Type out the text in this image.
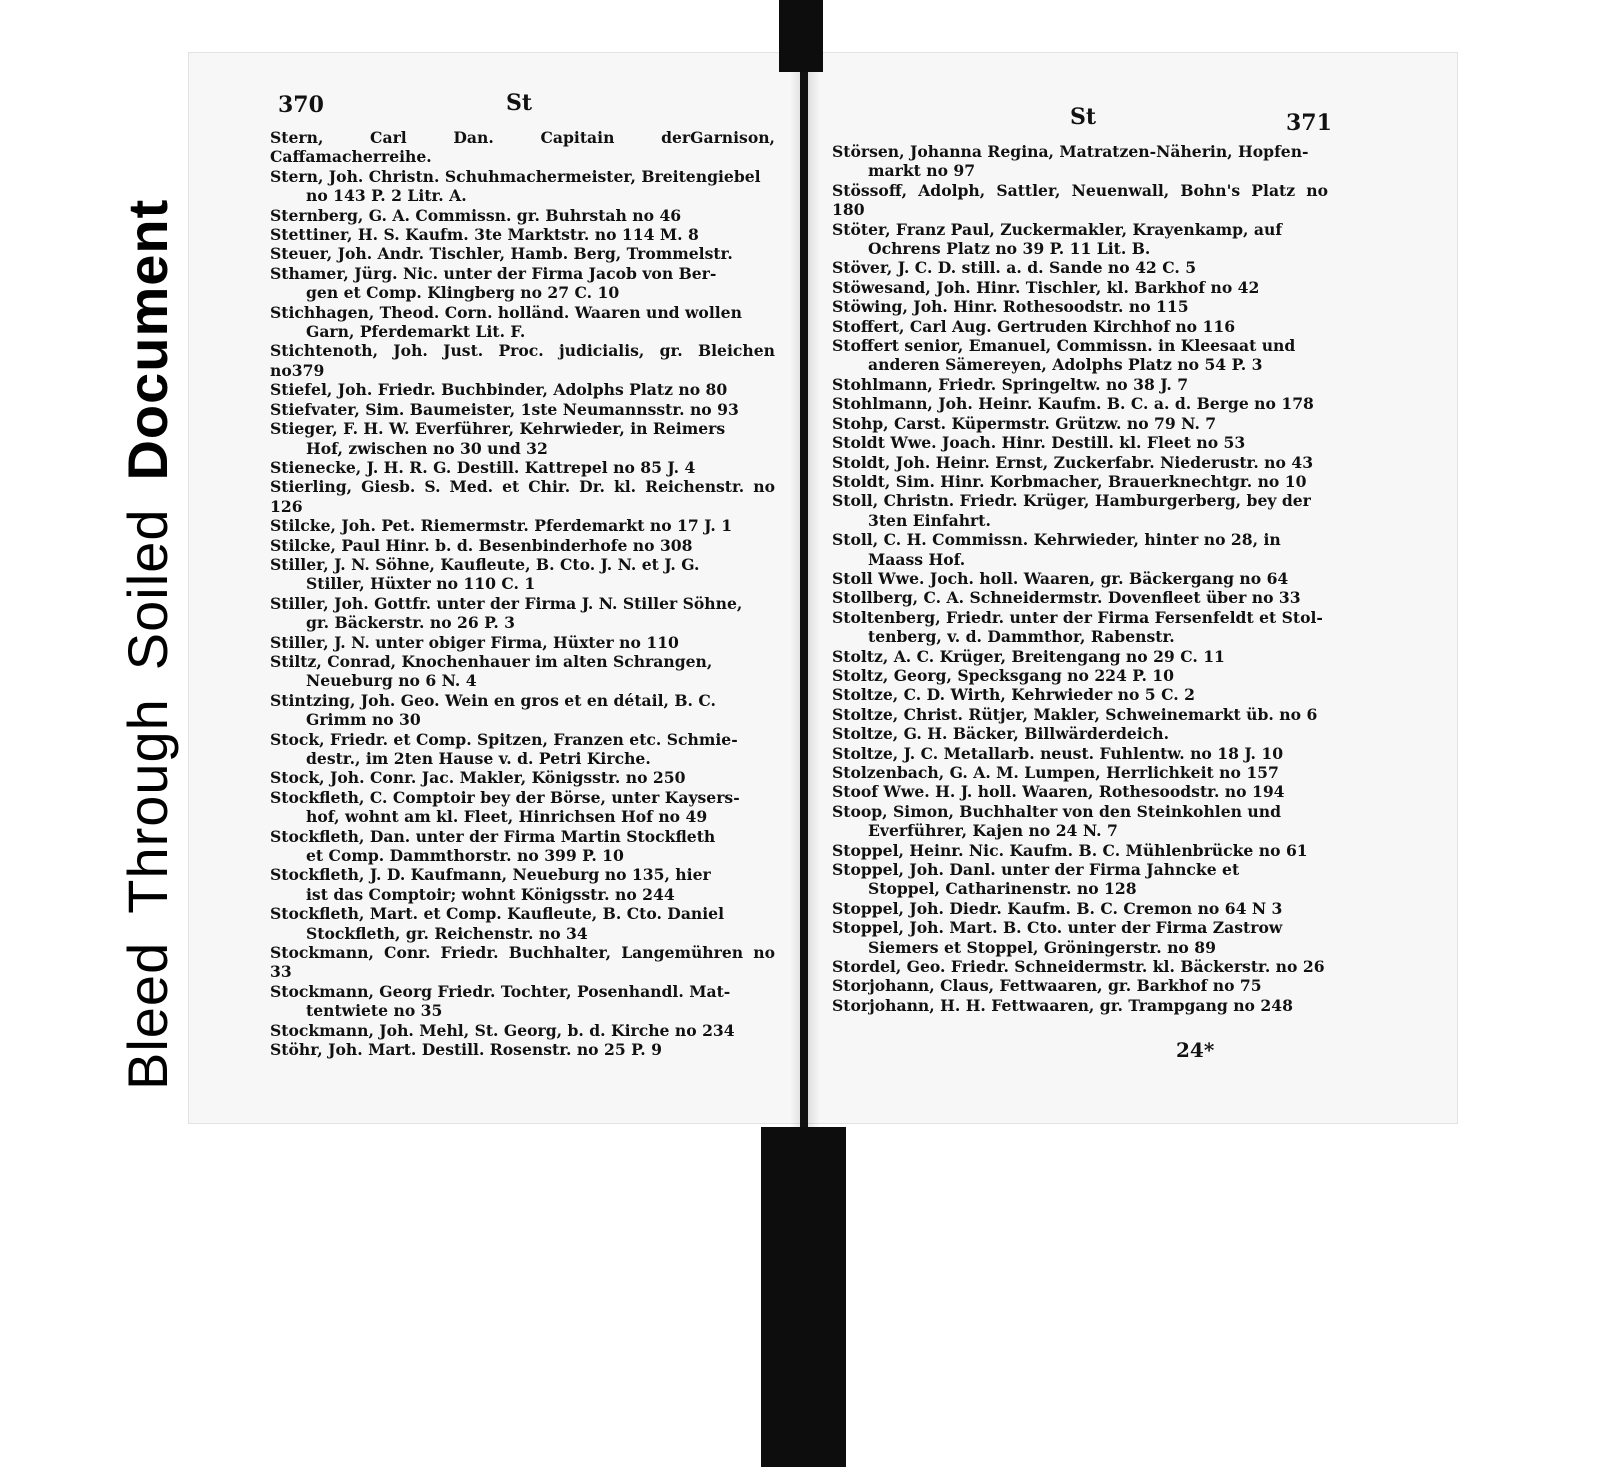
BleedThroughSoiledDocument
370	St
Stern, Carl Dan. Capitain derGarnison, Caffamacherreihe.
Stern, Joh. Christn. Schuhmachermeister, Breitengiebel
no 143 P. 2 Litr. A.
Sternberg, G. A. Commissn. gr. Buhrstah no 46
Stettiner, H. S. Kaufm. 3te Marktstr. no 114 M. 8
Steuer, Joh. Andr. Tischler, Hamb. Berg, Trommelstr.
Sthamer, Jürg. Nic. unter der Firma Jacob von Ber-
gen et Comp. Klingberg no 27 C. 10
Stichhagen, Theod. Corn. holländ. Waaren und wollen
Garn, Pferdemarkt Lit. F.
Stichtenoth, Joh. Just. Proc. judicialis, gr. Bleichen no379
Stiefel, Joh. Friedr. Buchbinder, Adolphs Platz no 80
Stiefvater, Sim. Baumeister, 1ste Neumannsstr. no 93
Stieger, F. H. W. Everführer, Kehrwieder, in Reimers
Hof, zwischen no 30 und 32
Stienecke, J. H. R. G. Destill. Kattrepel no 85 J. 4
Stierling, Giesb. S. Med. et Chir. Dr. kl. Reichenstr. no 126
Stilcke, Joh. Pet. Riemermstr. Pferdemarkt no 17 J. 1
Stilcke, Paul Hinr. b. d. Besenbinderhofe no 308
Stiller, J. N. Söhne, Kaufleute, B. Cto. J. N. et J. G.
Stiller, Hüxter no 110 C. 1
Stiller, Joh. Gottfr. unter der Firma J. N. Stiller Söhne,
gr. Bäckerstr. no 26 P. 3
Stiller, J. N. unter obiger Firma, Hüxter no 110
Stiltz, Conrad, Knochenhauer im alten Schrangen,
Neueburg no 6 N. 4
Stintzing, Joh. Geo. Wein en gros et en détail, B. C.
Grimm no 30
Stock, Friedr. et Comp. Spitzen, Franzen etc. Schmie-
destr., im 2ten Hause v. d. Petri Kirche.
Stock, Joh. Conr. Jac. Makler, Königsstr. no 250
Stockfleth, C. Comptoir bey der Börse, unter Kaysers-
hof, wohnt am kl. Fleet, Hinrichsen Hof no 49
Stockfleth, Dan. unter der Firma Martin Stockfleth
et Comp. Dammthorstr. no 399 P. 10
Stockfleth, J. D. Kaufmann, Neueburg no 135, hier
ist das Comptoir; wohnt Königsstr. no 244
Stockfleth, Mart. et Comp. Kaufleute, B. Cto. Daniel
Stockfleth, gr. Reichenstr. no 34
Stockmann, Conr. Friedr. Buchhalter, Langemühren no 33
Stockmann, Georg Friedr. Tochter, Posenhandl. Mat-
tentwiete no 35
Stockmann, Joh. Mehl, St. Georg, b. d. Kirche no 234
Stöhr, Joh. Mart. Destill. Rosenstr. no 25 P. 9
St	371
Störsen, Johanna Regina, Matratzen-Näherin, Hopfen-
markt no 97
Stössoff, Adolph, Sattler, Neuenwall, Bohn's Platz no 180
Stöter, Franz Paul, Zuckermakler, Krayenkamp, auf
Ochrens Platz no 39 P. 11 Lit. B.
Stöver, J. C. D. still. a. d. Sande no 42 C. 5
Stöwesand, Joh. Hinr. Tischler, kl. Barkhof no 42
Stöwing, Joh. Hinr. Rothesoodstr. no 115
Stoffert, Carl Aug. Gertruden Kirchhof no 116
Stoffert senior, Emanuel, Commissn. in Kleesaat und
anderen Sämereyen, Adolphs Platz no 54 P. 3
Stohlmann, Friedr. Springeltw. no 38 J. 7
Stohlmann, Joh. Heinr. Kaufm. B. C. a. d. Berge no 178
Stohp, Carst. Küpermstr. Grützw. no 79 N. 7
Stoldt Wwe. Joach. Hinr. Destill. kl. Fleet no 53
Stoldt, Joh. Heinr. Ernst, Zuckerfabr. Niederustr. no 43
Stoldt, Sim. Hinr. Korbmacher, Brauerknechtgr. no 10
Stoll, Christn. Friedr. Krüger, Hamburgerberg, bey der
3ten Einfahrt.
Stoll, C. H. Commissn. Kehrwieder, hinter no 28, in
Maass Hof.
Stoll Wwe. Joch. holl. Waaren, gr. Bäckergang no 64
Stollberg, C. A. Schneidermstr. Dovenfleet über no 33
Stoltenberg, Friedr. unter der Firma Fersenfeldt et Stol-
tenberg, v. d. Dammthor, Rabenstr.
Stoltz, A. C. Krüger, Breitengang no 29 C. 11
Stoltz, Georg, Specksgang no 224 P. 10
Stoltze, C. D. Wirth, Kehrwieder no 5 C. 2
Stoltze, Christ. Rütjer, Makler, Schweinemarkt üb. no 6
Stoltze, G. H. Bäcker, Billwärderdeich.
Stoltze, J. C. Metallarb. neust. Fuhlentw. no 18 J. 10
Stolzenbach, G. A. M. Lumpen, Herrlichkeit no 157
Stoof Wwe. H. J. holl. Waaren, Rothesoodstr. no 194
Stoop, Simon, Buchhalter von den Steinkohlen und
Everführer, Kajen no 24 N. 7
Stoppel, Heinr. Nic. Kaufm. B. C. Mühlenbrücke no 61
Stoppel, Joh. Danl. unter der Firma Jahncke et
Stoppel, Catharinenstr. no 128
Stoppel, Joh. Diedr. Kaufm. B. C. Cremon no 64 N 3
Stoppel, Joh. Mart. B. Cto. unter der Firma Zastrow
Siemers et Stoppel, Gröningerstr. no 89
Stordel, Geo. Friedr. Schneidermstr. kl. Bäckerstr. no 26
Storjohann, Claus, Fettwaaren, gr. Barkhof no 75
Storjohann, H. H. Fettwaaren, gr. Trampgang no 248
24*
